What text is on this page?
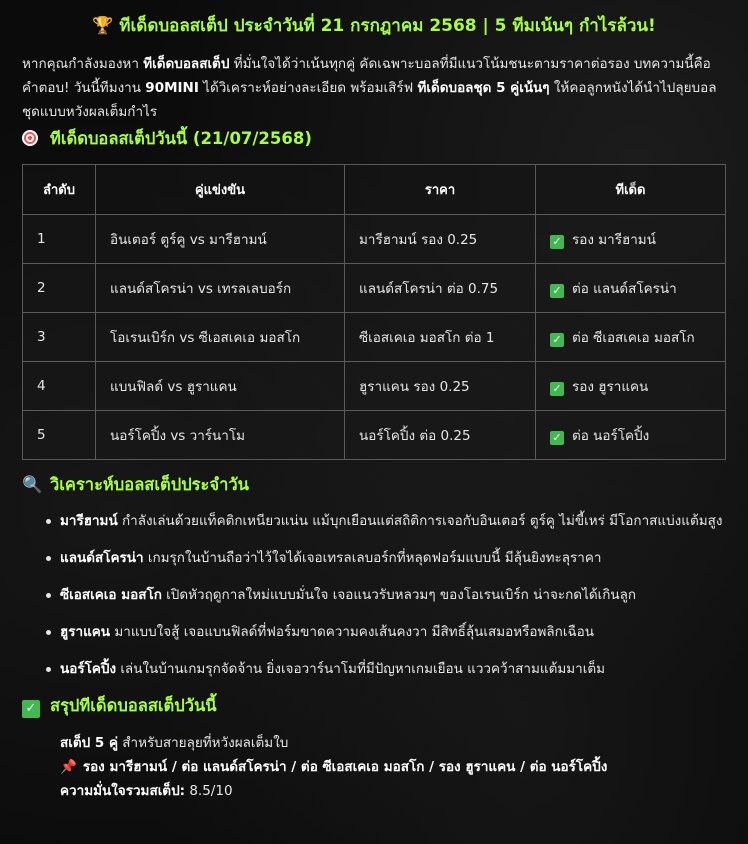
🏆 ทีเด็ดบอลสเต็ป ประจำวันที่ 21 กรกฎาคม 2568 | 5 ทีมเน้นๆ กำไรล้วน!

หากคุณกำลังมองหา ทีเด็ดบอลสเต็ป ที่มั่นใจได้ว่าเน้นทุกคู่ คัดเฉพาะบอลที่มีแนวโน้มชนะตามราคาต่อรอง บทความนี้คือคำตอบ! วันนี้ทีมงาน 90MINI ได้วิเคราะห์อย่างละเอียด พร้อมเสิร์ฟ ทีเด็ดบอลชุด 5 คู่เน้นๆ ให้คอลูกหนังได้นำไปลุยบอลชุดแบบหวังผลเต็มกำไร

ทีเด็ดบอลสเต็ปวันนี้ (21/07/2568)
ลำดับ	คู่แข่งขัน	ราคา	ทีเด็ด
1	อินเตอร์ ตูร์คู vs มารีฮามน์	มารีฮามน์ รอง 0.25	✓ รอง มารีฮามน์
2	แลนด์สโครน่า vs เทรลเลบอร์ก	แลนด์สโครน่า ต่อ 0.75	✓ ต่อ แลนด์สโครน่า
3	โอเรนเบิร์ก vs ซีเอสเคเอ มอสโก	ซีเอสเคเอ มอสโก ต่อ 1	✓ ต่อ ซีเอสเคเอ มอสโก
4	แบนฟิลด์ vs ฮูราแคน	ฮูราแคน รอง 0.25	✓ รอง ฮูราแคน
5	นอร์โคปิ้ง vs วาร์นาโม	นอร์โคปิ้ง ต่อ 0.25	✓ ต่อ นอร์โคปิ้ง
🔍 วิเคราะห์บอลสเต็ปประจำวัน
มารีฮามน์ กำลังเล่นด้วยแท็คติกเหนียวแน่น แม้บุกเยือนแต่สถิติการเจอกับอินเตอร์ ตูร์คู ไม่ขี้เหร่ มีโอกาสแบ่งแต้มสูง
แลนด์สโครน่า เกมรุกในบ้านถือว่าไว้ใจได้เจอเทรลเลบอร์กที่หลุดฟอร์มแบบนี้ มีลุ้นยิงทะลุราคา
ซีเอสเคเอ มอสโก เปิดหัวฤดูกาลใหม่แบบมั่นใจ เจอแนวรับหลวมๆ ของโอเรนเบิร์ก น่าจะกดได้เกินลูก
ฮูราแคน มาแบบใจสู้ เจอแบนฟิลด์ที่ฟอร์มขาดความคงเส้นคงวา มีสิทธิ์ลุ้นเสมอหรือพลิกเฉือน
นอร์โคปิ้ง เล่นในบ้านเกมรุกจัดจ้าน ยิ่งเจอวาร์นาโมที่มีปัญหาเกมเยือน แววคว้าสามแต้มมาเต็ม
✓ สรุปทีเด็ดบอลสเต็ปวันนี้
สเต็ป 5 คู่ สำหรับสายลุยที่หวังผลเต็มใบ
📌 รอง มารีฮามน์ / ต่อ แลนด์สโครน่า / ต่อ ซีเอสเคเอ มอสโก / รอง ฮูราแคน / ต่อ นอร์โคปิ้ง
ความมั่นใจรวมสเต็ป: 8.5/10
